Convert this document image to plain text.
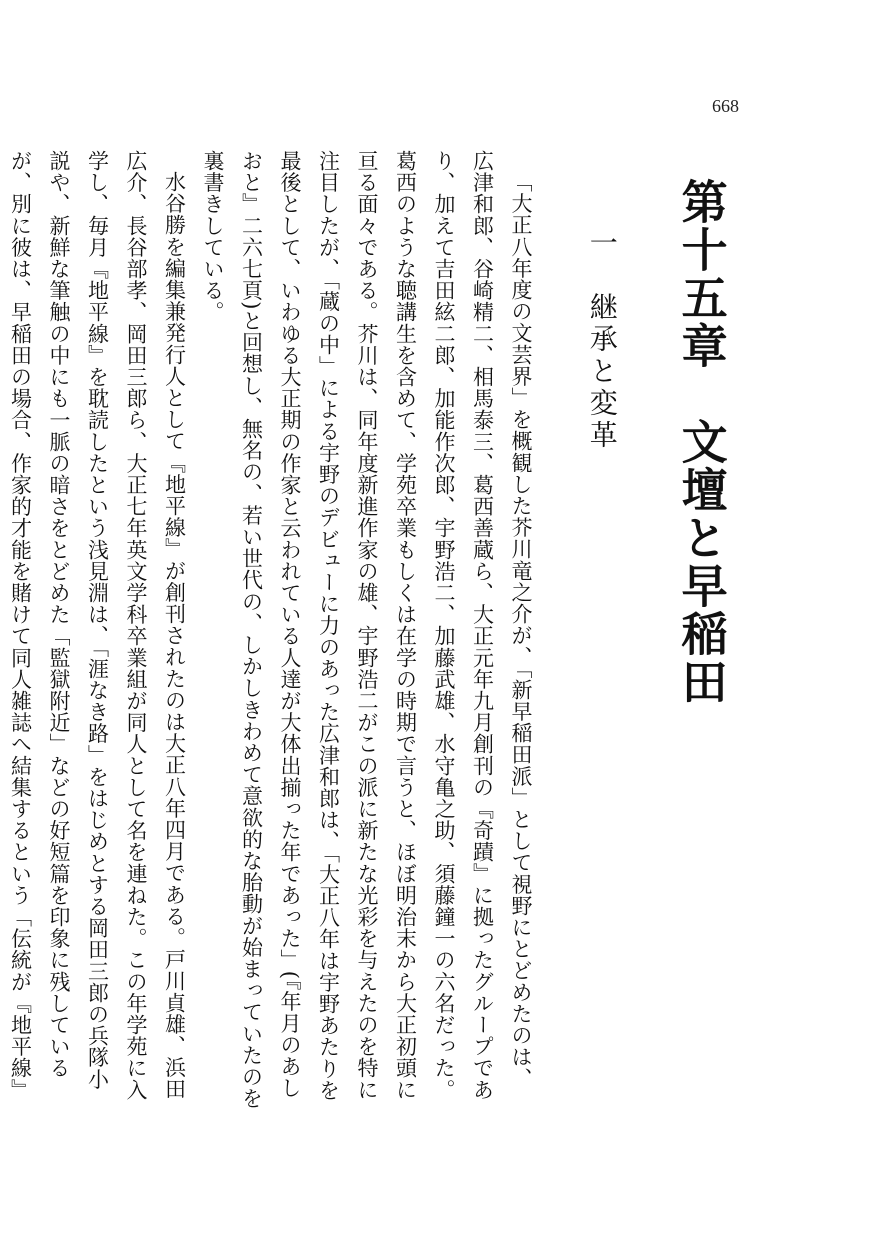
668
第十五章　文壇と早稲田
一　継承と変革

「大正八年度の文芸界」を概観した芥川竜之介が、「新早稲田派」として視野にとどめたのは、広津和郎、谷崎精二、相馬泰三、葛西善蔵ら、大正元年九月創刊の『奇蹟』に拠ったグループであり、加えて吉田絃二郎、加能作次郎、宇野浩二、加藤武雄、水守亀之助、須藤鐘一の六名だった。葛西のような聴講生を含めて、学苑卒業もしくは在学の時期で言うと、ほぼ明治末から大正初頭に亘る面々である。芥川は、同年度新進作家の雄、宇野浩二がこの派に新たな光彩を与えたのを特に注目したが、「蔵の中」による宇野のデビューに力のあった広津和郎は、「大正八年は宇野あたりを最後として、いわゆる大正期の作家と云われている人達が大体出揃った年であった」(『年月のあしおと』二六七頁)と回想し、無名の、若い世代の、しかしきわめて意欲的な胎動が始まっていたのを裏書きしている。

水谷勝を編集兼発行人として『地平線』が創刊されたのは大正八年四月である。戸川貞雄、浜田広介、長谷部孝、岡田三郎ら、大正七年英文学科卒業組が同人として名を連ねた。この年学苑に入学し、毎月『地平線』を耽読したという浅見淵は、「涯なき路」をはじめとする岡田三郎の兵隊小説や、新鮮な筆触の中にも一脈の暗さをとどめた「監獄附近」などの好短篇を印象に残しているが、別に彼は、早稲田の場合、作家的才能を賭けて同人雑誌へ結集するという「伝統が『地平線』
